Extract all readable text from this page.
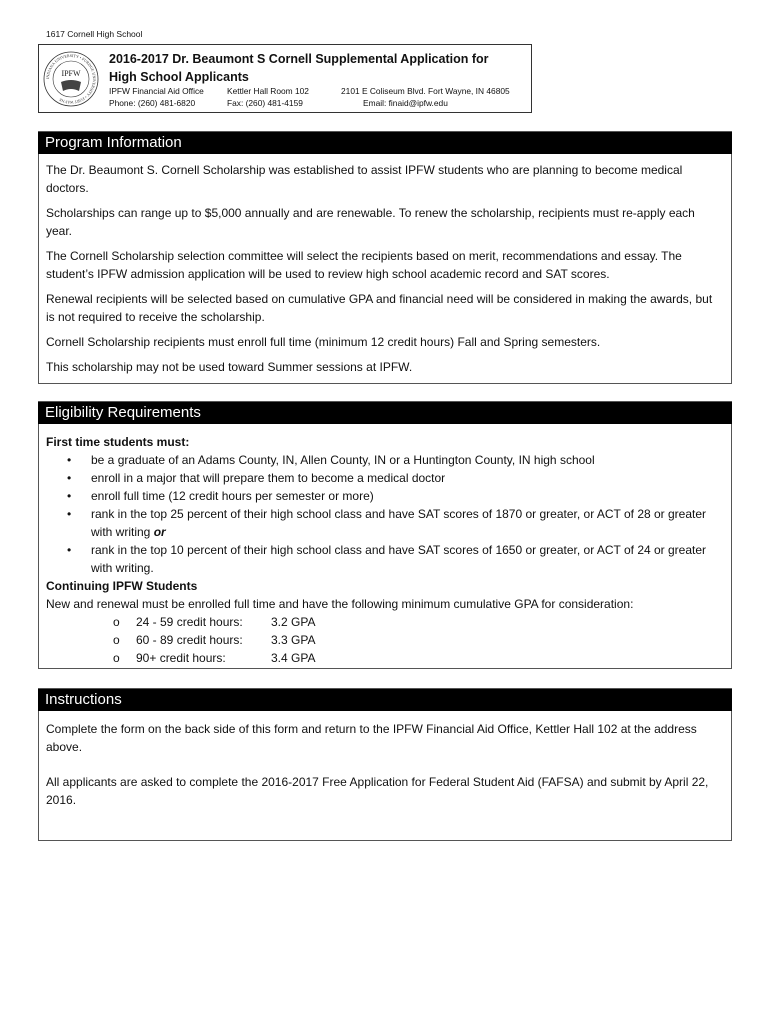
1617 Cornell High School
INDIANA UNIVERSITY • PURDUE UNIVERSITY • FORT WAYNE
IPFW
2016-2017 Dr. Beaumont S Cornell Supplemental Application for
High School Applicants
IPFW Financial Aid Office
Phone: (260) 481-6820
Kettler Hall Room 102
Fax: (260) 481-4159
2101 E Coliseum Blvd. Fort Wayne, IN 46805
Email: finaid@ipfw.edu
Program Information

The Dr. Beaumont S. Cornell Scholarship was established to assist IPFW students who are planning to become medical doctors.

Scholarships can range up to $5,000 annually and are renewable. To renew the scholarship, recipients must re-apply each year.

The Cornell Scholarship selection committee will select the recipients based on merit, recommendations and essay. The student’s IPFW admission application will be used to review high school academic record and SAT scores.

Renewal recipients will be selected based on cumulative GPA and financial need will be considered in making the awards, but is not required to receive the scholarship.

Cornell Scholarship recipients must enroll full time (minimum 12 credit hours) Fall and Spring semesters.

This scholarship may not be used toward Summer sessions at IPFW.

Eligibility Requirements
First time students must:
• be a graduate of an Adams County, IN, Allen County, IN or a Huntington County, IN high school
• enroll in a major that will prepare them to become a medical doctor
• enroll full time (12 credit hours per semester or more)
• rank in the top 25 percent of their high school class and have SAT scores of 1870 or greater, or ACT of 28 or greater with writing or
• rank in the top 10 percent of their high school class and have SAT scores of 1650 or greater, or ACT of 24 or greater with writing.
Continuing IPFW Students
New and renewal must be enrolled full time and have the following minimum cumulative GPA for consideration:
o 24 - 59 credit hours: 3.2 GPA
o 60 - 89 credit hours: 3.3 GPA
o 90+ credit hours:	3.4 GPA
Instructions

Complete the form on the back side of this form and return to the IPFW Financial Aid Office, Kettler Hall 102 at the address above.

All applicants are asked to complete the 2016-2017 Free Application for Federal Student Aid (FAFSA) and submit by April 22, 2016.
